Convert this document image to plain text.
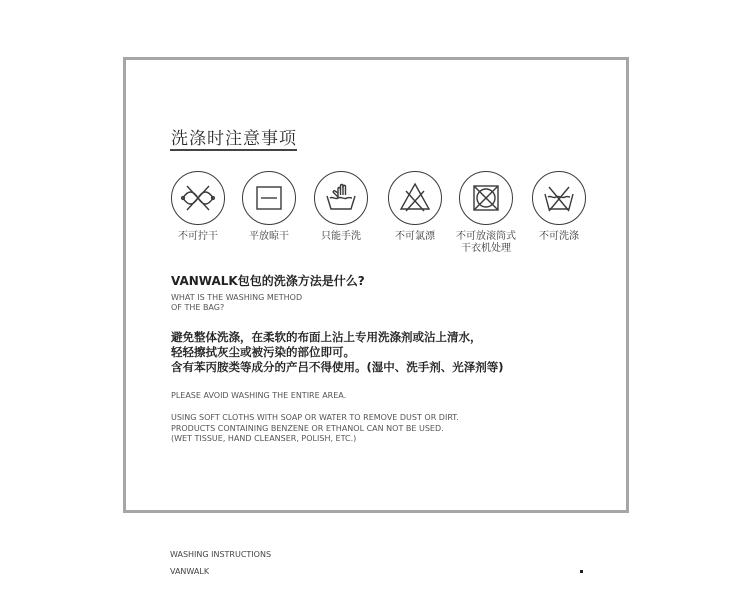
洗涤时注意事项
不可拧干	平放晾干	只能手洗	不可氯漂	不可放滚筒式
干衣机处理
不可洗涤
VANWALK包包的洗涤方法是什么?
WHAT IS THE WASHING METHOD
OF THE BAG?
避免整体洗涤，在柔软的布面上沾上专用洗涤剂或沾上清水，
轻轻擦拭灰尘或被污染的部位即可。
含有苯丙胺类等成分的产吕不得使用。(湿中、洗手剂、光泽剂等)
PLEASE AVOID WASHING THE ENTIRE AREA.
USING SOFT CLOTHS WITH SOAP OR WATER TO REMOVE DUST OR DIRT.
PRODUCTS CONTAINING BENZENE OR ETHANOL CAN NOT BE USED.
(WET TISSUE, HAND CLEANSER, POLISH, ETC.)
WASHING INSTRUCTIONS
VANWALK
